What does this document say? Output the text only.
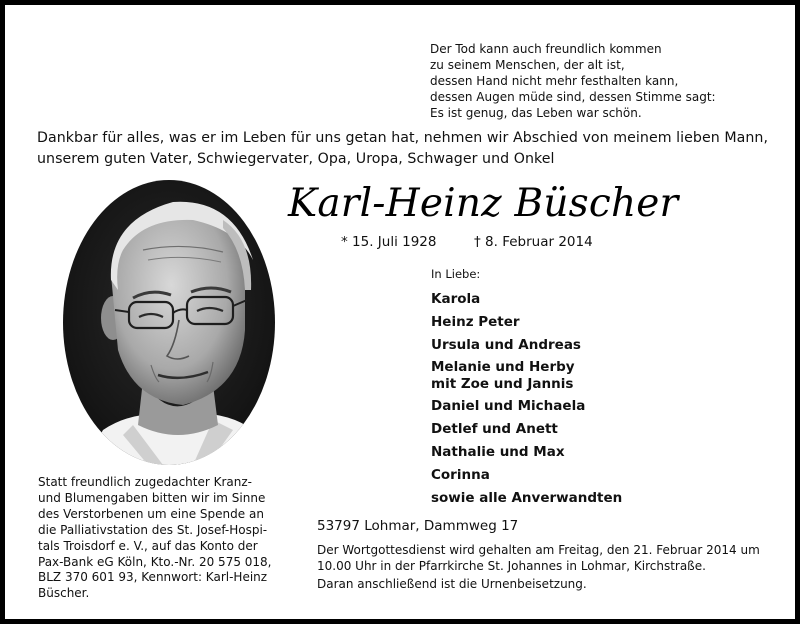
Der Tod kann auch freundlich kommen
zu seinem Menschen, der alt ist,
dessen Hand nicht mehr festhalten kann,
dessen Augen müde sind, dessen Stimme sagt:
Es ist genug, das Leben war schön.
Dankbar für alles, was er im Leben für uns getan hat, nehmen wir Abschied von meinem lieben Mann,
unserem guten Vater, Schwiegervater, Opa, Uropa, Schwager und Onkel
Karl-Heinz Büscher
* 15. Juli 1928	† 8. Februar 2014
In Liebe:
Karola
Heinz Peter
Ursula und Andreas
Melanie und Herby
mit Zoe und Jannis
Daniel und Michaela
Detlef und Anett
Nathalie und Max
Corinna
sowie alle Anverwandten
Statt freundlich zugedachter Kranz-
und Blumengaben bitten wir im Sinne
des Verstorbenen um eine Spende an
die Palliativstation des St. Josef-Hospi-
tals Troisdorf e. V., auf das Konto der
Pax-Bank eG Köln, Kto.-Nr. 20 575 018,
BLZ 370 601 93, Kennwort: Karl-Heinz
Büscher.
53797 Lohmar, Dammweg 17
Der Wortgottesdienst wird gehalten am Freitag, den 21. Februar 2014 um
10.00 Uhr in der Pfarrkirche St. Johannes in Lohmar, Kirchstraße.
Daran anschließend ist die Urnenbeisetzung.
